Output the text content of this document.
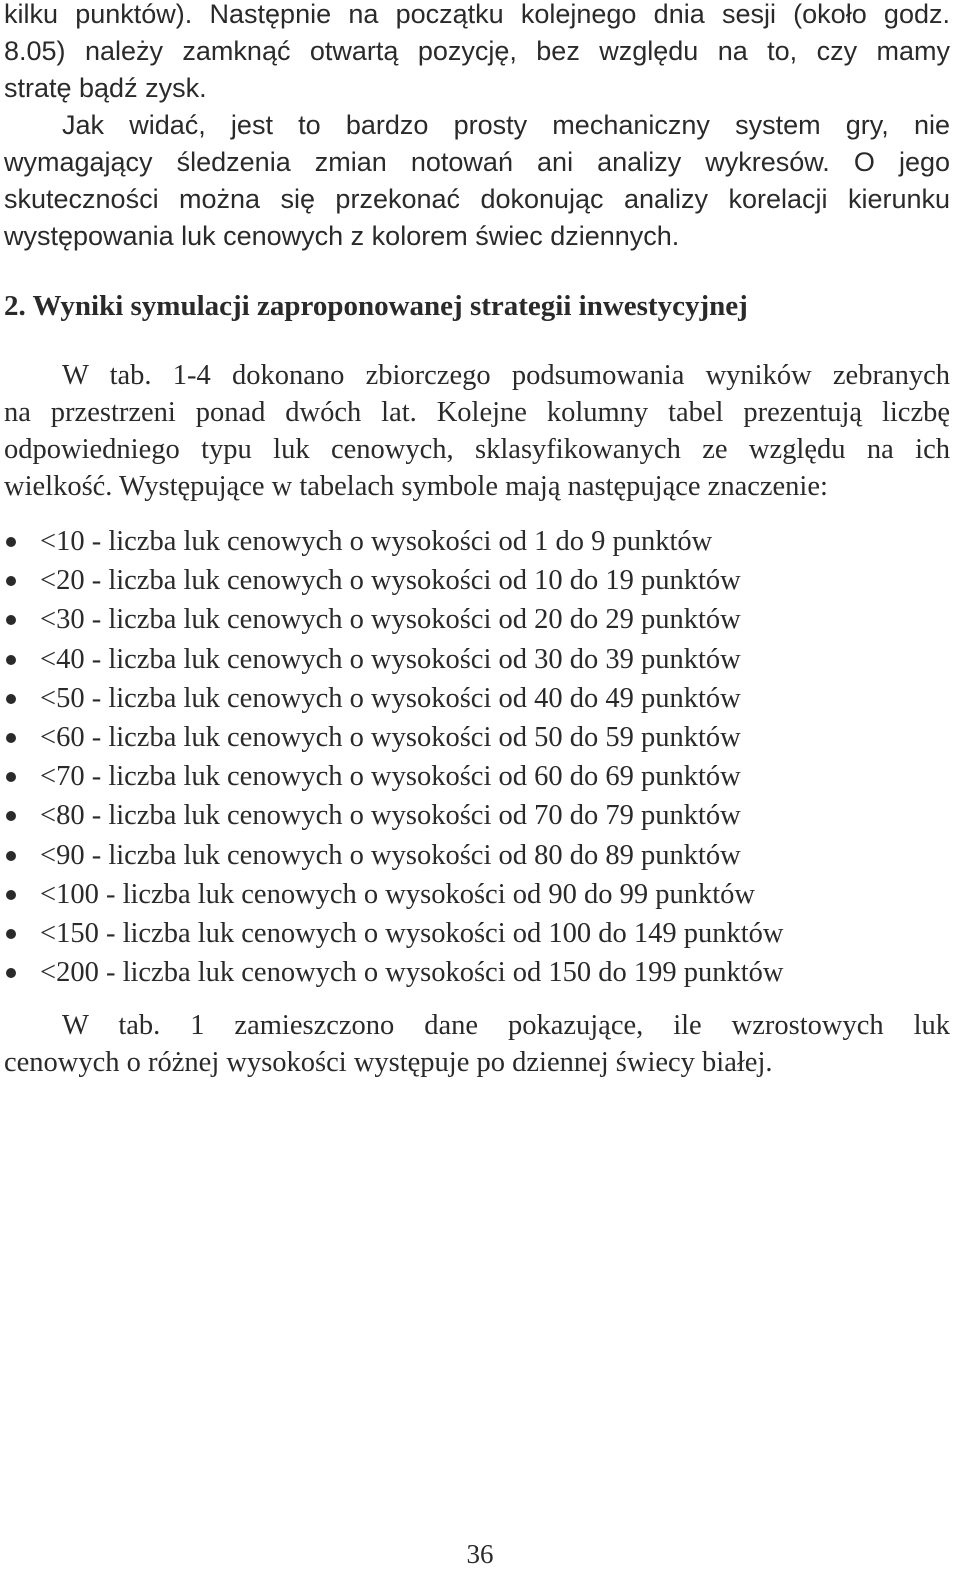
kilku punktów). Następnie na początku kolejnego dnia sesji (około godz.
8.05) należy zamknąć otwartą pozycję, bez względu na to, czy mamy
stratę bądź zysk.
Jak widać, jest to bardzo prosty mechaniczny system gry, nie
wymagający śledzenia zmian notowań ani analizy wykresów. O jego
skuteczności można się przekonać dokonując analizy korelacji kierunku
występowania luk cenowych z kolorem świec dziennych.
2. Wyniki symulacji zaproponowanej strategii inwestycyjnej
W tab. 1-4 dokonano zbiorczego podsumowania wyników zebranych
na przestrzeni ponad dwóch lat. Kolejne kolumny tabel prezentują liczbę
odpowiedniego typu luk cenowych, sklasyfikowanych ze względu na ich
wielkość. Występujące w tabelach symbole mają następujące znaczenie:
<10 - liczba luk cenowych o wysokości od 1 do 9 punktów
<20 - liczba luk cenowych o wysokości od 10 do 19 punktów
<30 - liczba luk cenowych o wysokości od 20 do 29 punktów
<40 - liczba luk cenowych o wysokości od 30 do 39 punktów
<50 - liczba luk cenowych o wysokości od 40 do 49 punktów
<60 - liczba luk cenowych o wysokości od 50 do 59 punktów
<70 - liczba luk cenowych o wysokości od 60 do 69 punktów
<80 - liczba luk cenowych o wysokości od 70 do 79 punktów
<90 - liczba luk cenowych o wysokości od 80 do 89 punktów
<100 - liczba luk cenowych o wysokości od 90 do 99 punktów
<150 - liczba luk cenowych o wysokości od 100 do 149 punktów
<200 - liczba luk cenowych o wysokości od 150 do 199 punktów
W tab. 1 zamieszczono dane pokazujące, ile wzrostowych luk
cenowych o różnej wysokości występuje po dziennej świecy białej.

36
